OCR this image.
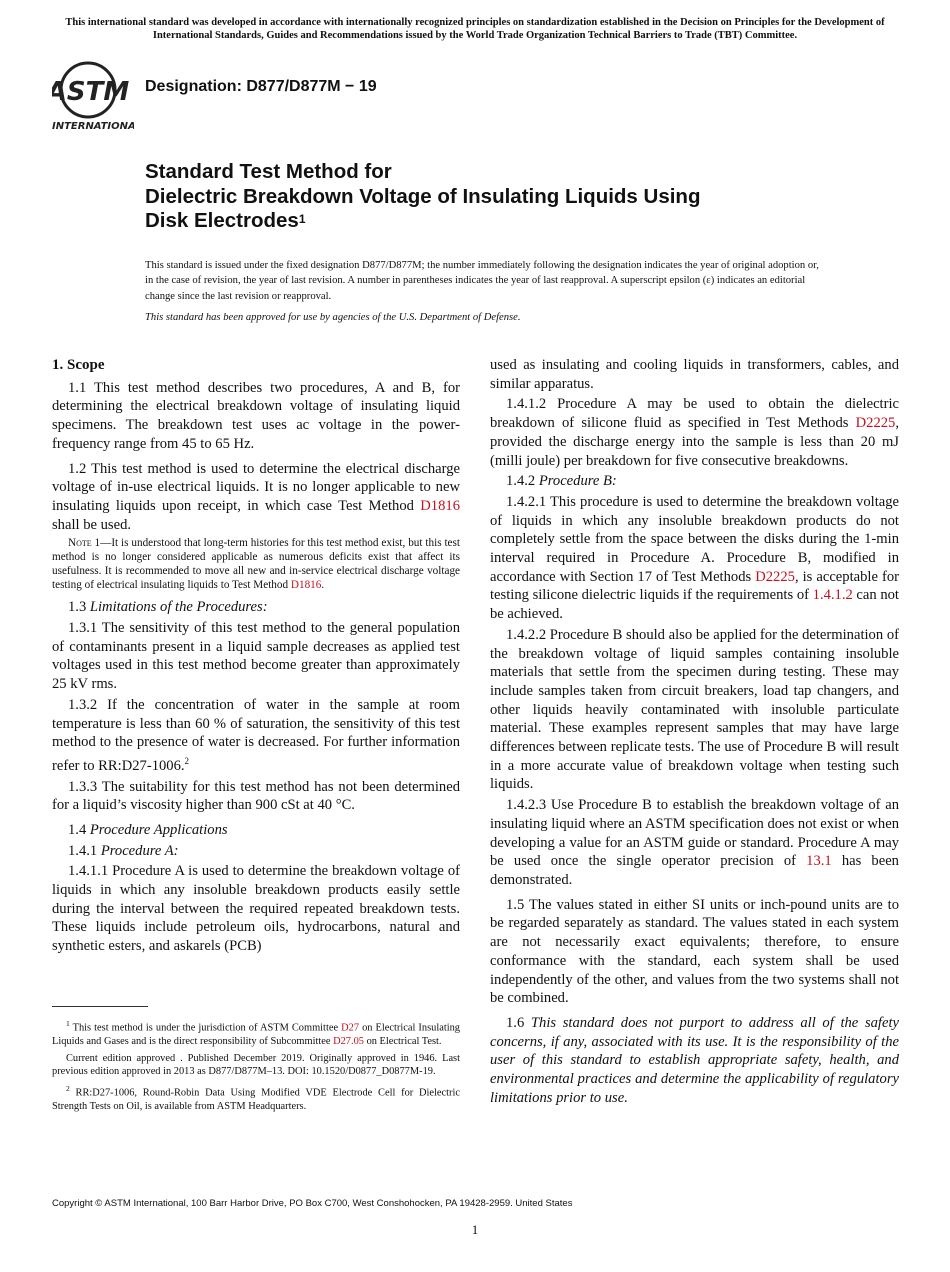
This international standard was developed in accordance with internationally recognized principles on standardization established in the Decision on Principles for the Development of International Standards, Guides and Recommendations issued by the World Trade Organization Technical Barriers to Trade (TBT) Committee.
ASTM
INTERNATIONAL
Designation: D877/D877M − 19
Standard Test Method for
Dielectric Breakdown Voltage of Insulating Liquids Using
Disk Electrodes$^1$
This standard is issued under the fixed designation D877/D877M; the number immediately following the designation indicates the year of original adoption or, in the case of revision, the year of last revision. A number in parentheses indicates the year of last reapproval. A superscript epsilon (ε) indicates an editorial change since the last revision or reapproval.
This standard has been approved for use by agencies of the U.S. Department of Defense.
1. Scope

1.1 This test method describes two procedures, A and B, for determining the electrical breakdown voltage of insulating liquid specimens. The breakdown test uses ac voltage in the power-frequency range from 45 to 65 Hz.

1.2 This test method is used to determine the electrical discharge voltage of in-use electrical liquids. It is no longer applicable to new insulating liquids upon receipt, in which case Test Method D1816 shall be used.

Note 1—It is understood that long-term histories for this test method exist, but this test method is no longer considered applicable as numerous deficits exist that affect its usefulness. It is recommended to move all new and in-service electrical discharge voltage testing of electrical insulating liquids to Test Method D1816.

1.3 Limitations of the Procedures:

1.3.1 The sensitivity of this test method to the general population of contaminants present in a liquid sample decreases as applied test voltages used in this test method become greater than approximately 25 kV rms.

1.3.2 If the concentration of water in the sample at room temperature is less than 60 % of saturation, the sensitivity of this test method to the presence of water is decreased. For further information refer to RR:D27-1006.$^2$

1.3.3 The suitability for this test method has not been determined for a liquid’s viscosity higher than 900 cSt at 40 °C.

1.4 Procedure Applications

1.4.1 Procedure A:

1.4.1.1 Procedure A is used to determine the breakdown voltage of liquids in which any insoluble breakdown products easily settle during the interval between the required repeated breakdown tests. These liquids include petroleum oils, hydrocarbons, natural and synthetic esters, and askarels (PCB)

$^1$ This test method is under the jurisdiction of ASTM Committee D27 on Electrical Insulating Liquids and Gases and is the direct responsibility of Subcommittee D27.05 on Electrical Test.

Current edition approved . Published December 2019. Originally approved in 1946. Last previous edition approved in 2013 as D877/D877M–13. DOI: 10.1520/D0877_D0877M-19.

$^2$ RR:D27-1006, Round-Robin Data Using Modified VDE Electrode Cell for Dielectric Strength Tests on Oil, is available from ASTM Headquarters.

used as insulating and cooling liquids in transformers, cables, and similar apparatus.

1.4.1.2 Procedure A may be used to obtain the dielectric breakdown of silicone fluid as specified in Test Methods D2225, provided the discharge energy into the sample is less than 20 mJ (milli joule) per breakdown for five consecutive breakdowns.

1.4.2 Procedure B:

1.4.2.1 This procedure is used to determine the breakdown voltage of liquids in which any insoluble breakdown products do not completely settle from the space between the disks during the 1-min interval required in Procedure A. Procedure B, modified in accordance with Section 17 of Test Methods D2225, is acceptable for testing silicone dielectric liquids if the requirements of 1.4.1.2 can not be achieved.

1.4.2.2 Procedure B should also be applied for the determination of the breakdown voltage of liquid samples containing insoluble materials that settle from the specimen during testing. These may include samples taken from circuit breakers, load tap changers, and other liquids heavily contaminated with insoluble particulate material. These examples represent samples that may have large differences between replicate tests. The use of Procedure B will result in a more accurate value of breakdown voltage when testing such liquids.

1.4.2.3 Use Procedure B to establish the breakdown voltage of an insulating liquid where an ASTM specification does not exist or when developing a value for an ASTM guide or standard. Procedure A may be used once the single operator precision of 13.1 has been demonstrated.

1.5 The values stated in either SI units or inch-pound units are to be regarded separately as standard. The values stated in each system are not necessarily exact equivalents; therefore, to ensure conformance with the standard, each system shall be used independently of the other, and values from the two systems shall not be combined.

1.6 This standard does not purport to address all of the safety concerns, if any, associated with its use. It is the responsibility of the user of this standard to establish appropriate safety, health, and environmental practices and determine the applicability of regulatory limitations prior to use.

Copyright © ASTM International, 100 Barr Harbor Drive, PO Box C700, West Conshohocken, PA 19428-2959. United States
1
